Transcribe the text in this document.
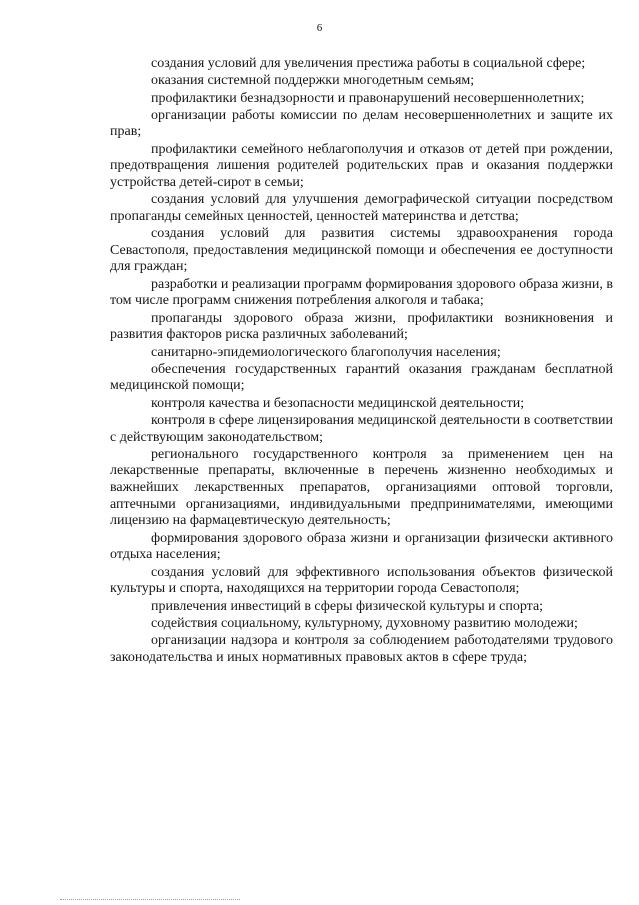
6

создания условий для увеличения престижа работы в социальной сфере;

оказания системной поддержки многодетным семьям;

профилактики безнадзорности и правонарушений несовершеннолетних;

организации работы комиссии по делам несовершеннолетних и защите их прав;

профилактики семейного неблагополучия и отказов от детей при рождении, предотвращения лишения родителей родительских прав и оказания поддержки устройства детей-сирот в семьи;

создания условий для улучшения демографической ситуации посредством пропаганды семейных ценностей, ценностей материнства и детства;

создания условий для развития системы здравоохранения города Севастополя, предоставления медицинской помощи и обеспечения ее доступности для граждан;

разработки и реализации программ формирования здорового образа жизни, в том числе программ снижения потребления алкоголя и табака;

пропаганды здорового образа жизни, профилактики возникновения и развития факторов риска различных заболеваний;

санитарно-эпидемиологического благополучия населения;

обеспечения государственных гарантий оказания гражданам бесплатной медицинской помощи;

контроля качества и безопасности медицинской деятельности;

контроля в сфере лицензирования медицинской деятельности в соответствии с действующим законодательством;

регионального государственного контроля за применением цен на лекарственные препараты, включенные в перечень жизненно необходимых и важнейших лекарственных препаратов, организациями оптовой торговли, аптечными организациями, индивидуальными предпринимателями, имеющими лицензию на фармацевтическую деятельность;

формирования здорового образа жизни и организации физически активного отдыха населения;

создания условий для эффективного использования объектов физической культуры и спорта, находящихся на территории города Севастополя;

привлечения инвестиций в сферы физической культуры и спорта;

содействия социальному, культурному, духовному развитию молодежи;

организации надзора и контроля за соблюдением работодателями трудового законодательства и иных нормативных правовых актов в сфере труда;
